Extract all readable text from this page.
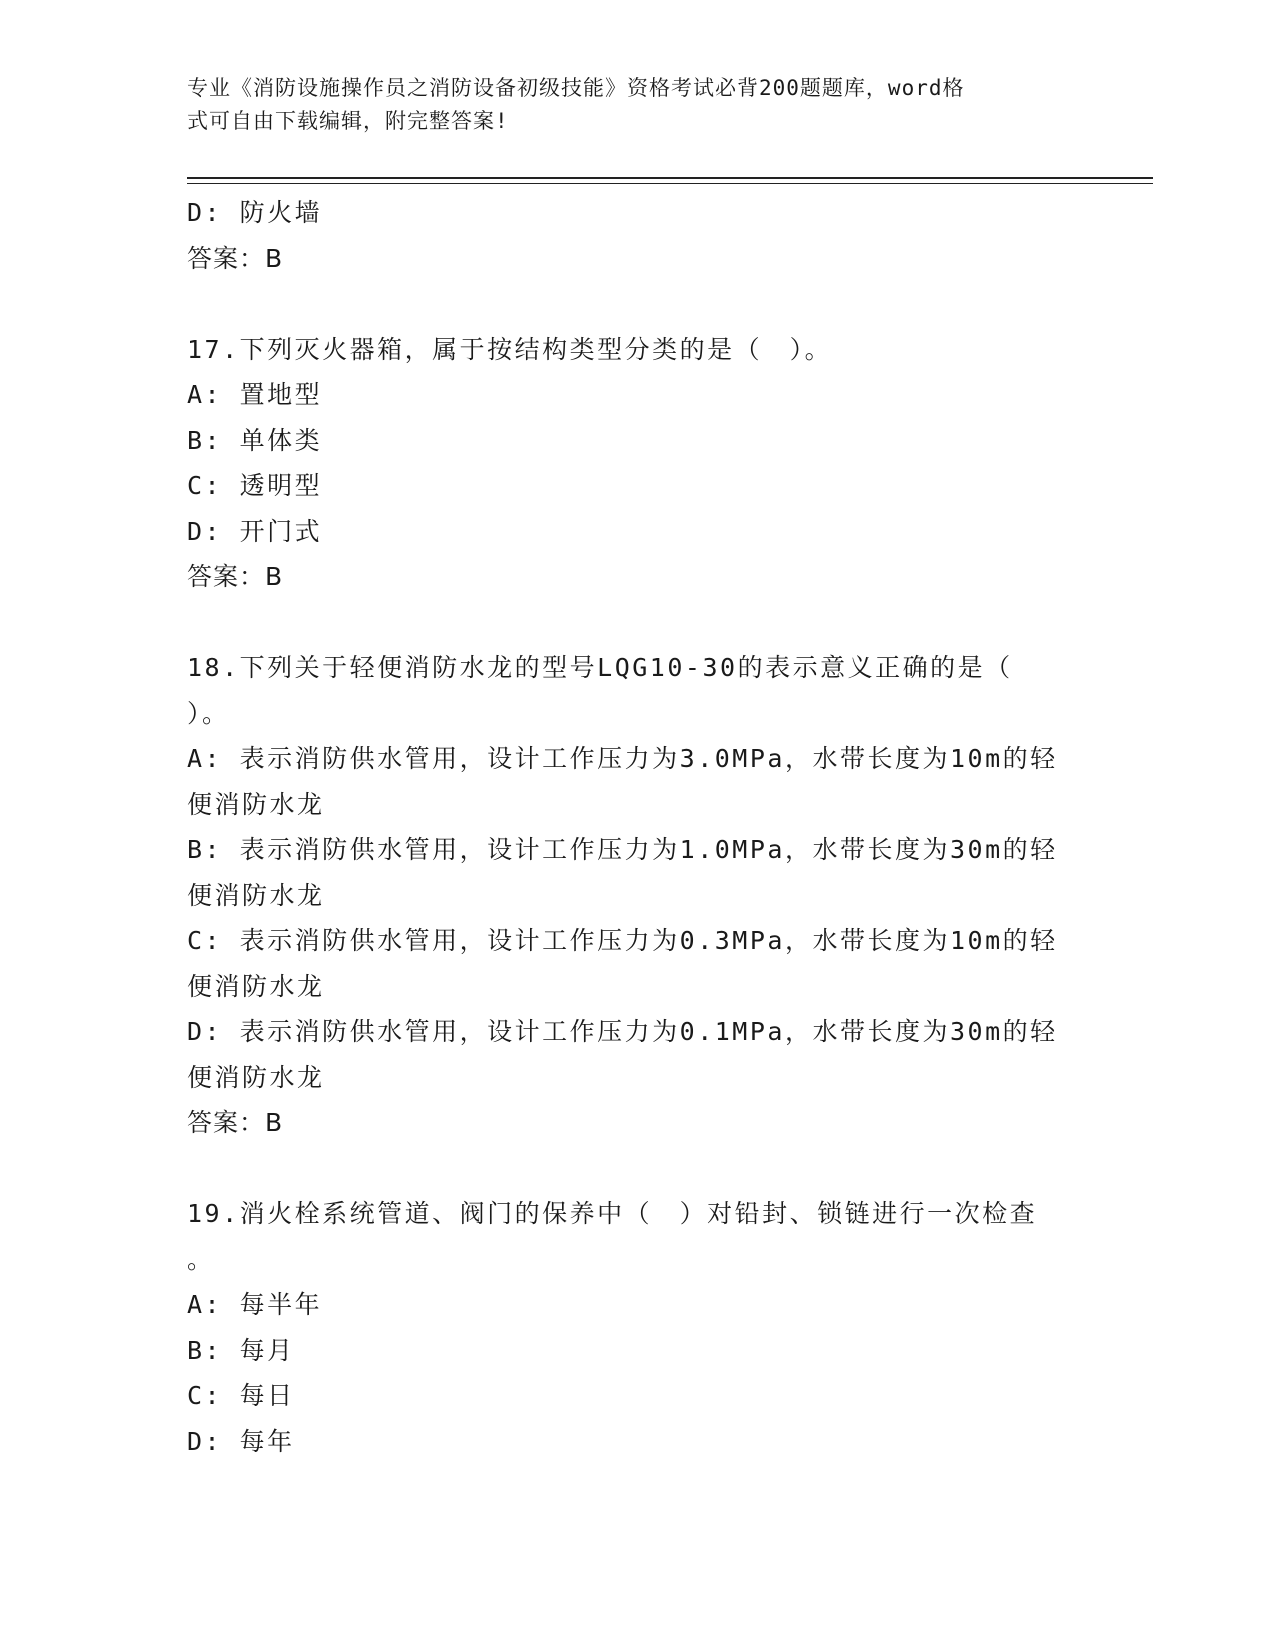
专业《消防设施操作员之消防设备初级技能》资格考试必背200题题库，word格
式可自由下载编辑，附完整答案!
D: 防火墙
答案：B
17.下列灭火器箱，属于按结构类型分类的是（　）。
A: 置地型
B: 单体类
C: 透明型
D: 开门式
答案：B
18.下列关于轻便消防水龙的型号LQG10-30的表示意义正确的是（
）。
A: 表示消防供水管用，设计工作压力为3.0MPa，水带长度为10m的轻
便消防水龙
B: 表示消防供水管用，设计工作压力为1.0MPa，水带长度为30m的轻
便消防水龙
C: 表示消防供水管用，设计工作压力为0.3MPa，水带长度为10m的轻
便消防水龙
D: 表示消防供水管用，设计工作压力为0.1MPa，水带长度为30m的轻
便消防水龙
答案：B
19.消火栓系统管道、阀门的保养中（　）对铅封、锁链进行一次检查
。
A: 每半年
B: 每月
C: 每日
D: 每年
